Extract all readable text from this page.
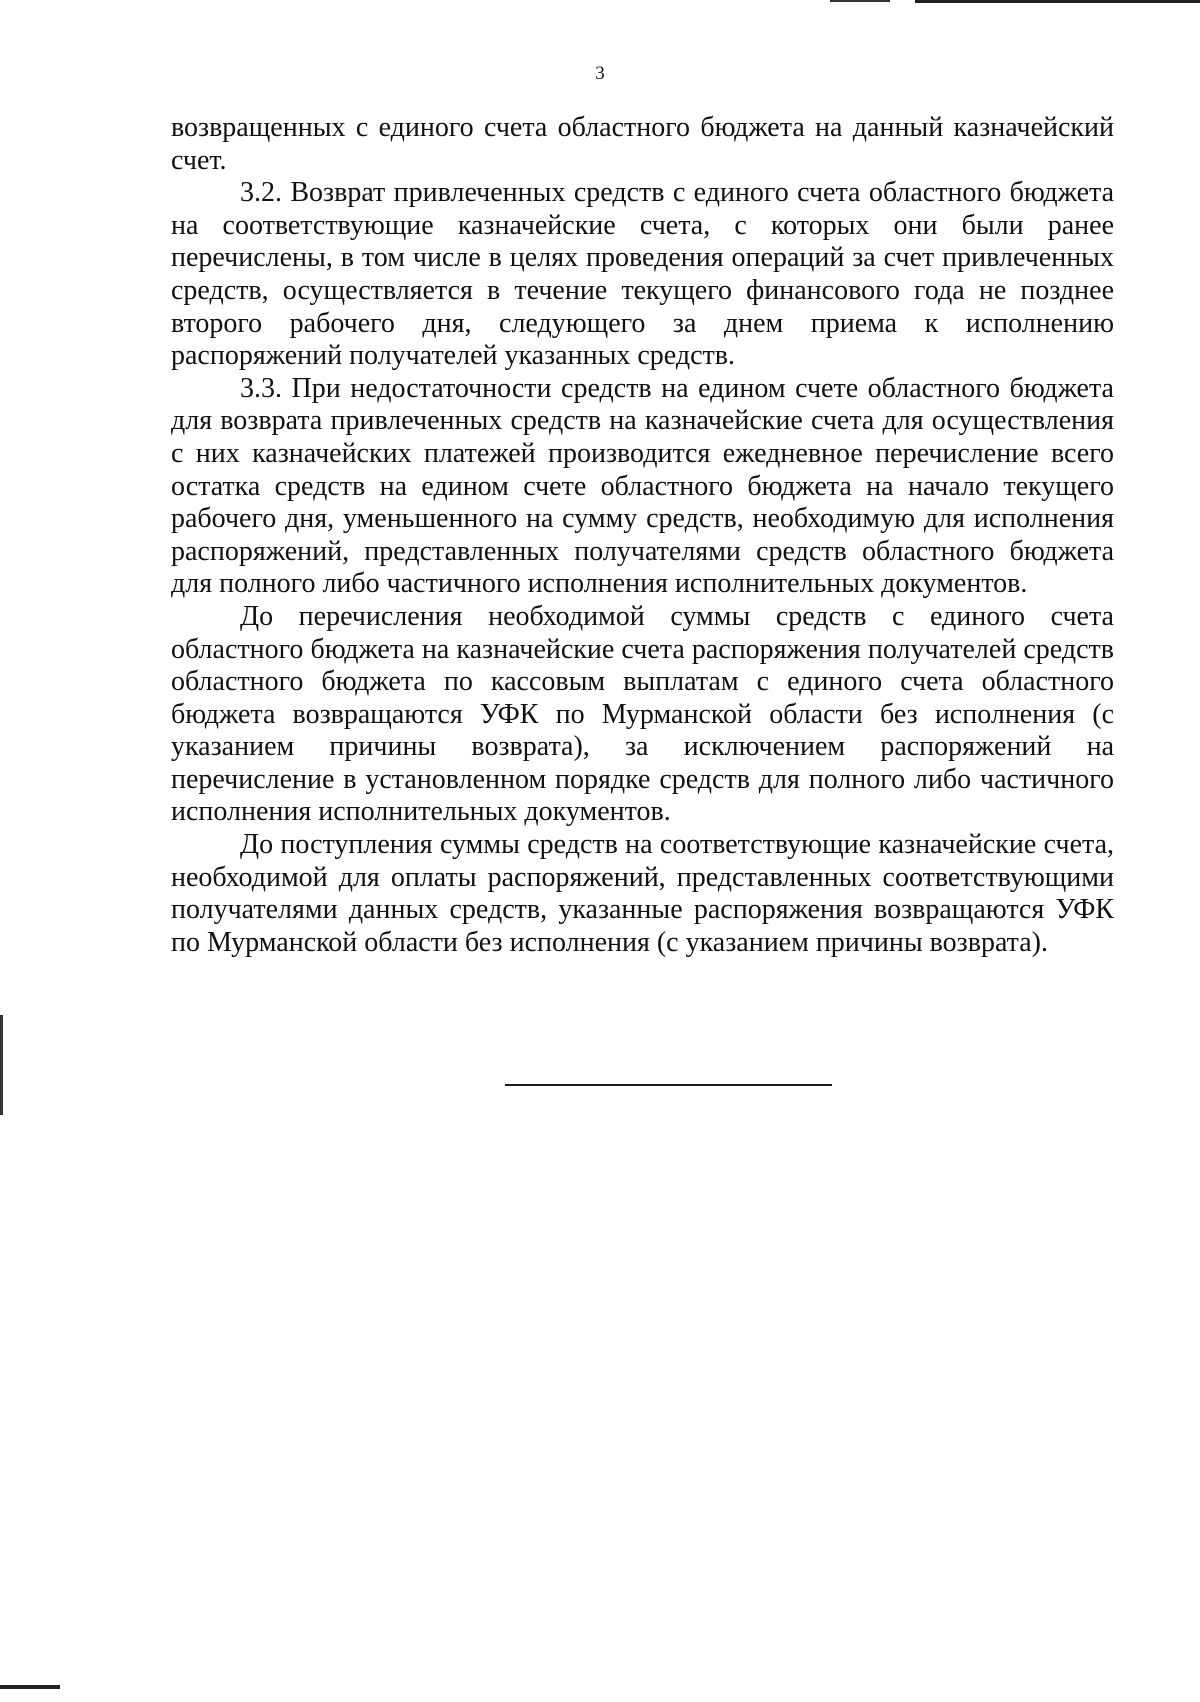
3

возвращенных с единого счета областного бюджета на данный казначейский счет.

3.2. Возврат привлеченных средств с единого счета областного бюджета на соответствующие казначейские счета, с которых они были ранее перечислены, в том числе в целях проведения операций за счет привлеченных средств, осуществляется в течение текущего финансового года не позднее второго рабочего дня, следующего за днем приема к исполнению распоряжений получателей указанных средств.

3.3. При недостаточности средств на едином счете областного бюджета для возврата привлеченных средств на казначейские счета для осуществления с них казначейских платежей производится ежедневное перечисление всего остатка средств на едином счете областного бюджета на начало текущего рабочего дня, уменьшенного на сумму средств, необходимую для исполнения распоряжений, представленных получателями средств областного бюджета для полного либо частичного исполнения исполнительных документов.

До перечисления необходимой суммы средств с единого счета областного бюджета на казначейские счета распоряжения получателей средств областного бюджета по кассовым выплатам с единого счета областного бюджета возвращаются УФК по Мурманской области без исполнения (с указанием причины возврата), за исключением распоряжений на перечисление в установленном порядке средств для полного либо частичного исполнения исполнительных документов.

До поступления суммы средств на соответствующие казначейские счета, необходимой для оплаты распоряжений, представленных соответствующими получателями данных средств, указанные распоряжения возвращаются УФК по Мурманской области без исполнения (с указанием причины возврата).
